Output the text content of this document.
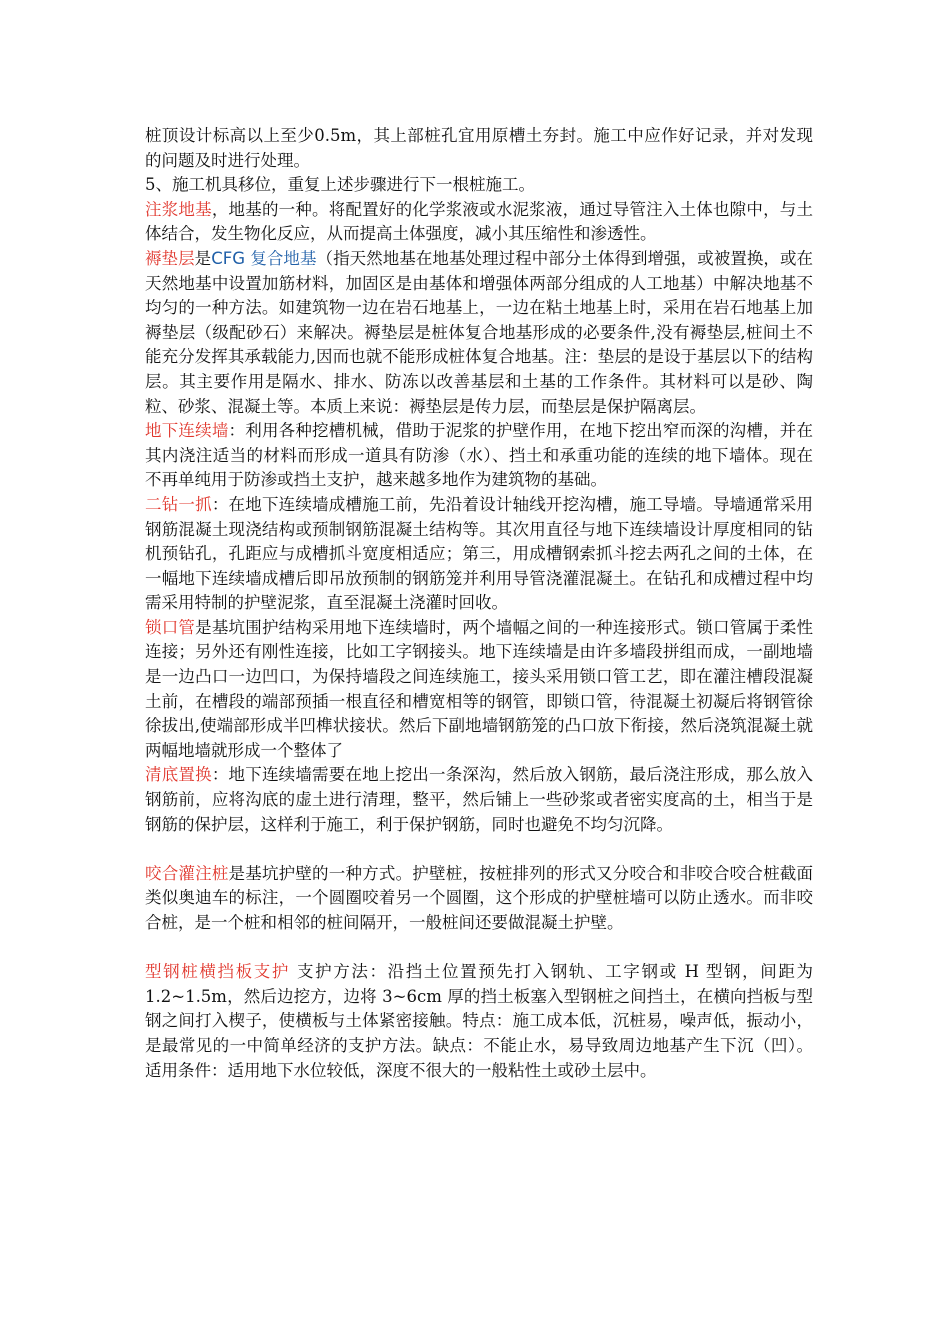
桩顶设计标高以上至少0.5m，其上部桩孔宜用原槽土夯封。施工中应作好记录，并对发现的问题及时进行处理。

5、施工机具移位，重复上述步骤进行下一根桩施工。

注浆地基，地基的一种。将配置好的化学浆液或水泥浆液，通过导管注入土体也隙中，与土体结合，发生物化反应，从而提高土体强度，减小其压缩性和渗透性。

褥垫层是CFG 复合地基（指天然地基在地基处理过程中部分土体得到增强，或被置换，或在天然地基中设置加筋材料，加固区是由基体和增强体两部分组成的人工地基）中解决地基不均匀的一种方法。如建筑物一边在岩石地基上，一边在粘土地基上时，采用在岩石地基上加褥垫层（级配砂石）来解决。褥垫层是桩体复合地基形成的必要条件,没有褥垫层,桩间土不能充分发挥其承载能力,因而也就不能形成桩体复合地基。注：垫层的是设于基层以下的结构层。其主要作用是隔水、排水、防冻以改善基层和土基的工作条件。其材料可以是砂、陶粒、砂浆、混凝土等。本质上来说：褥垫层是传力层，而垫层是保护隔离层。

地下连续墙：利用各种挖槽机械，借助于泥浆的护壁作用，在地下挖出窄而深的沟槽，并在其内浇注适当的材料而形成一道具有防渗（水）、挡土和承重功能的连续的地下墙体。现在不再单纯用于防渗或挡土支护，越来越多地作为建筑物的基础。

二钻一抓：在地下连续墙成槽施工前，先沿着设计轴线开挖沟槽，施工导墙。导墙通常采用钢筋混凝土现浇结构或预制钢筋混凝土结构等。其次用直径与地下连续墙设计厚度相同的钻机预钻孔，孔距应与成槽抓斗宽度相适应；第三，用成槽钢索抓斗挖去两孔之间的土体，在一幅地下连续墙成槽后即吊放预制的钢筋笼并利用导管浇灌混凝土。在钻孔和成槽过程中均需采用特制的护壁泥浆，直至混凝土浇灌时回收。

锁口管是基坑围护结构采用地下连续墙时，两个墙幅之间的一种连接形式。锁口管属于柔性连接；另外还有刚性连接，比如工字钢接头。地下连续墙是由许多墙段拼组而成，一副地墙是一边凸口一边凹口，为保持墙段之间连续施工，接头采用锁口管工艺，即在灌注槽段混凝土前，在槽段的端部预插一根直径和槽宽相等的钢管，即锁口管，待混凝土初凝后将钢管徐徐拔出,使端部形成半凹榫状接状。然后下副地墙钢筋笼的凸口放下衔接，然后浇筑混凝土就两幅地墙就形成一个整体了

清底置换：地下连续墙需要在地上挖出一条深沟，然后放入钢筋，最后浇注形成，那么放入钢筋前，应将沟底的虚土进行清理，整平，然后铺上一些砂浆或者密实度高的土，相当于是钢筋的保护层，这样利于施工，利于保护钢筋，同时也避免不均匀沉降。

咬合灌注桩是基坑护壁的一种方式。护壁桩，按桩排列的形式又分咬合和非咬合咬合桩截面类似奥迪车的标注，一个圆圈咬着另一个圆圈，这个形成的护壁桩墙可以防止透水。而非咬合桩，是一个桩和相邻的桩间隔开，一般桩间还要做混凝土护壁。

型钢桩横挡板支护 支护方法：沿挡土位置预先打入钢轨、工字钢或 H 型钢，间距为 1.2~1.5m，然后边挖方，边将 3~6cm 厚的挡土板塞入型钢桩之间挡土，在横向挡板与型钢之间打入楔子，使横板与土体紧密接触。特点：施工成本低，沉桩易，噪声低，振动小，是最常见的一中简单经济的支护方法。缺点：不能止水，易导致周边地基产生下沉（凹）。适用条件：适用地下水位较低，深度不很大的一般粘性土或砂土层中。
